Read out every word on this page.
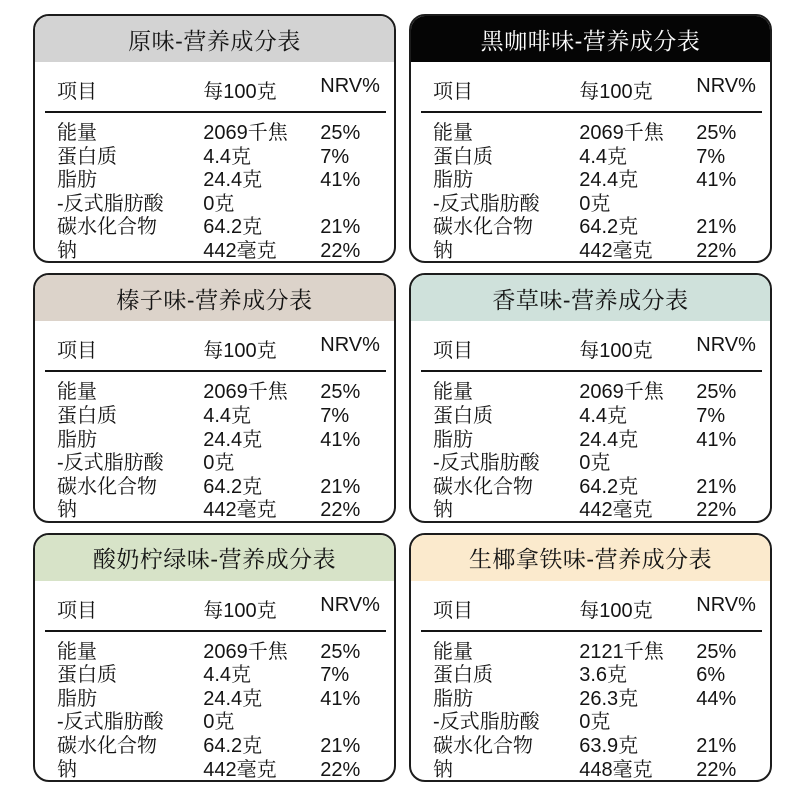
原味-营养成分表
项目	每100克	NRV%
能量	2069千焦	25%
蛋白质	4.4克	7%
脂肪	24.4克	41%
-反式脂肪酸	0克
碳水化合物	64.2克	21%
钠	442毫克	22%
黑咖啡味-营养成分表
项目	每100克	NRV%
能量	2069千焦	25%
蛋白质	4.4克	7%
脂肪	24.4克	41%
-反式脂肪酸	0克
碳水化合物	64.2克	21%
钠	442毫克	22%
榛子味-营养成分表
项目	每100克	NRV%
能量	2069千焦	25%
蛋白质	4.4克	7%
脂肪	24.4克	41%
-反式脂肪酸	0克
碳水化合物	64.2克	21%
钠	442毫克	22%
香草味-营养成分表
项目	每100克	NRV%
能量	2069千焦	25%
蛋白质	4.4克	7%
脂肪	24.4克	41%
-反式脂肪酸	0克
碳水化合物	64.2克	21%
钠	442毫克	22%
酸奶柠绿味-营养成分表
项目	每100克	NRV%
能量	2069千焦	25%
蛋白质	4.4克	7%
脂肪	24.4克	41%
-反式脂肪酸	0克
碳水化合物	64.2克	21%
钠	442毫克	22%
生椰拿铁味-营养成分表
项目	每100克	NRV%
能量	2121千焦	25%
蛋白质	3.6克	6%
脂肪	26.3克	44%
-反式脂肪酸	0克
碳水化合物	63.9克	21%
钠	448毫克	22%
